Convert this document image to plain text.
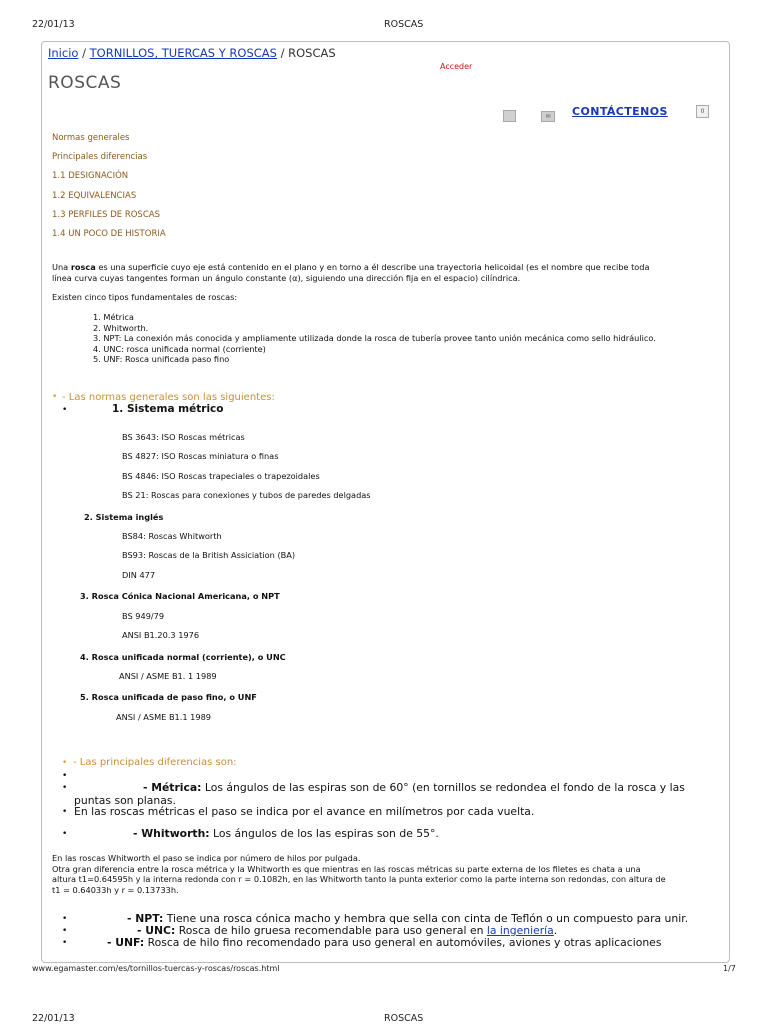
22/01/13	ROSCAS
Inicio / TORNILLOS, TUERCAS Y ROSCAS / ROSCAS
Acceder
ROSCAS
✉	CONTÁCTENOS	0
Normas generales
Principales diferencias
1.1 DESIGNACIÓN
1.2 EQUIVALENCIAS
1.3 PERFILES DE ROSCAS
1.4 UN POCO DE HISTORIA
Una rosca es una superficie cuyo eje está contenido en el plano y en torno a él describe una trayectoria helicoidal (es el nombre que recibe toda
línea curva cuyas tangentes forman un ángulo constante (α), siguiendo una dirección fija en el espacio) cilíndrica.
Existen cinco tipos fundamentales de roscas:
1. Métrica
2. Whitworth.
3. NPT: La conexión más conocida y ampliamente utilizada donde la rosca de tubería provee tanto unión mecánica como sello hidráulico.
4. UNC: rosca unificada normal (corriente)
5. UNF: Rosca unificada paso fino
• - Las normas generales son las siguientes:
•	1. Sistema métrico
BS 3643: ISO Roscas métricas
BS 4827: ISO Roscas miniatura o finas
BS 4846: ISO Roscas trapeciales o trapezoidales
BS 21: Roscas para conexiones y tubos de paredes delgadas
2. Sistema inglés
BS84: Roscas Whitworth
BS93: Roscas de la British Assiciation (BA)
DIN 477
3. Rosca Cónica Nacional Americana, o NPT
BS 949/79
ANSI B1.20.3 1976
4. Rosca unificada normal (corriente), o UNC
ANSI / ASME B1. 1 1989
5. Rosca unificada de paso fino, o UNF
ANSI / ASME B1.1 1989
• - Las principales diferencias son:
•
•	- Métrica: Los ángulos de las espiras son de 60° (en tornillos se redondea el fondo de la rosca y las
puntas son planas.
• En las roscas métricas el paso se indica por el avance en milímetros por cada vuelta.
•	- Whitworth: Los ángulos de los las espiras son de 55°.
En las roscas Whitworth el paso se indica por número de hilos por pulgada.
Otra gran diferencia entre la rosca métrica y la Whitworth es que mientras en las roscas métricas su parte externa de los filetes es chata a una
altura t1=0.64595h y la interna redonda con r = 0.1082h, en las Whitworth tanto la punta exterior como la parte interna son redondas, con altura de
t1 = 0.64033h y r = 0.13733h.
•	- NPT: Tiene una rosca cónica macho y hembra que sella con cinta de Teflón o un compuesto para unir.
•	- UNC: Rosca de hilo gruesa recomendable para uso general en la ingeniería.
•	- UNF: Rosca de hilo fino recomendado para uso general en automóviles, aviones y otras aplicaciones
www.egamaster.com/es/tornillos-tuercas-y-roscas/roscas.html	1/7
22/01/13	ROSCAS
